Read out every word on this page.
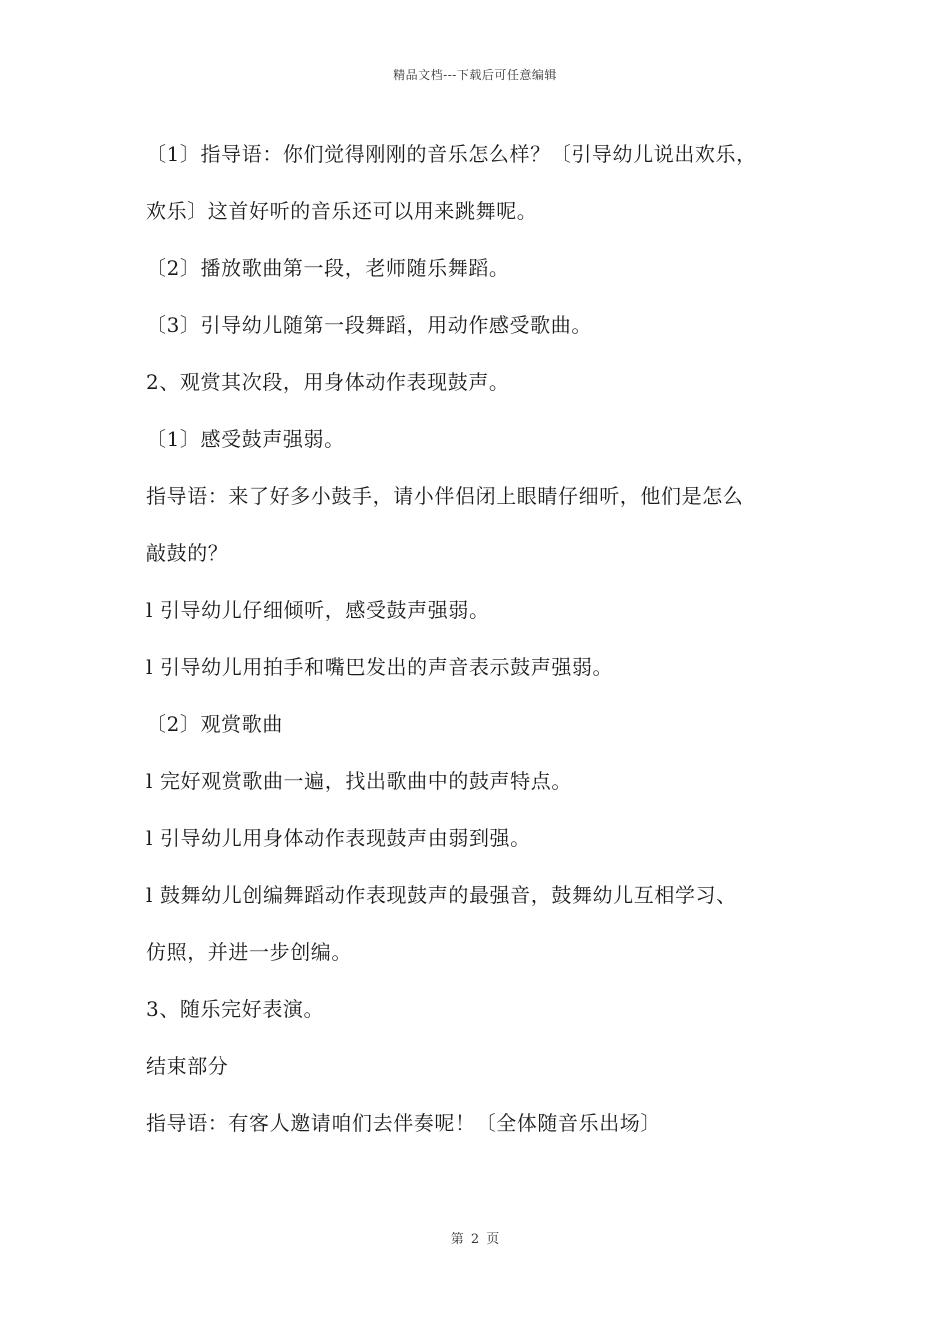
精品文档---下载后可任意编辑
〔1〕指导语：你们觉得刚刚的音乐怎么样？〔引导幼儿说出欢乐，
欢乐〕这首好听的音乐还可以用来跳舞呢。
〔2〕播放歌曲第一段，老师随乐舞蹈。
〔3〕引导幼儿随第一段舞蹈，用动作感受歌曲。
2、观赏其次段，用身体动作表现鼓声。
〔1〕感受鼓声强弱。
指导语：来了好多小鼓手，请小伴侣闭上眼睛仔细听，他们是怎么
敲鼓的？
l 引导幼儿仔细倾听，感受鼓声强弱。
l 引导幼儿用拍手和嘴巴发出的声音表示鼓声强弱。
〔2〕观赏歌曲
l 完好观赏歌曲一遍，找出歌曲中的鼓声特点。
l 引导幼儿用身体动作表现鼓声由弱到强。
l 鼓舞幼儿创编舞蹈动作表现鼓声的最强音，鼓舞幼儿互相学习、
仿照，并进一步创编。
3、随乐完好表演。
结束部分
指导语：有客人邀请咱们去伴奏呢！〔全体随音乐出场〕
第 2 页
